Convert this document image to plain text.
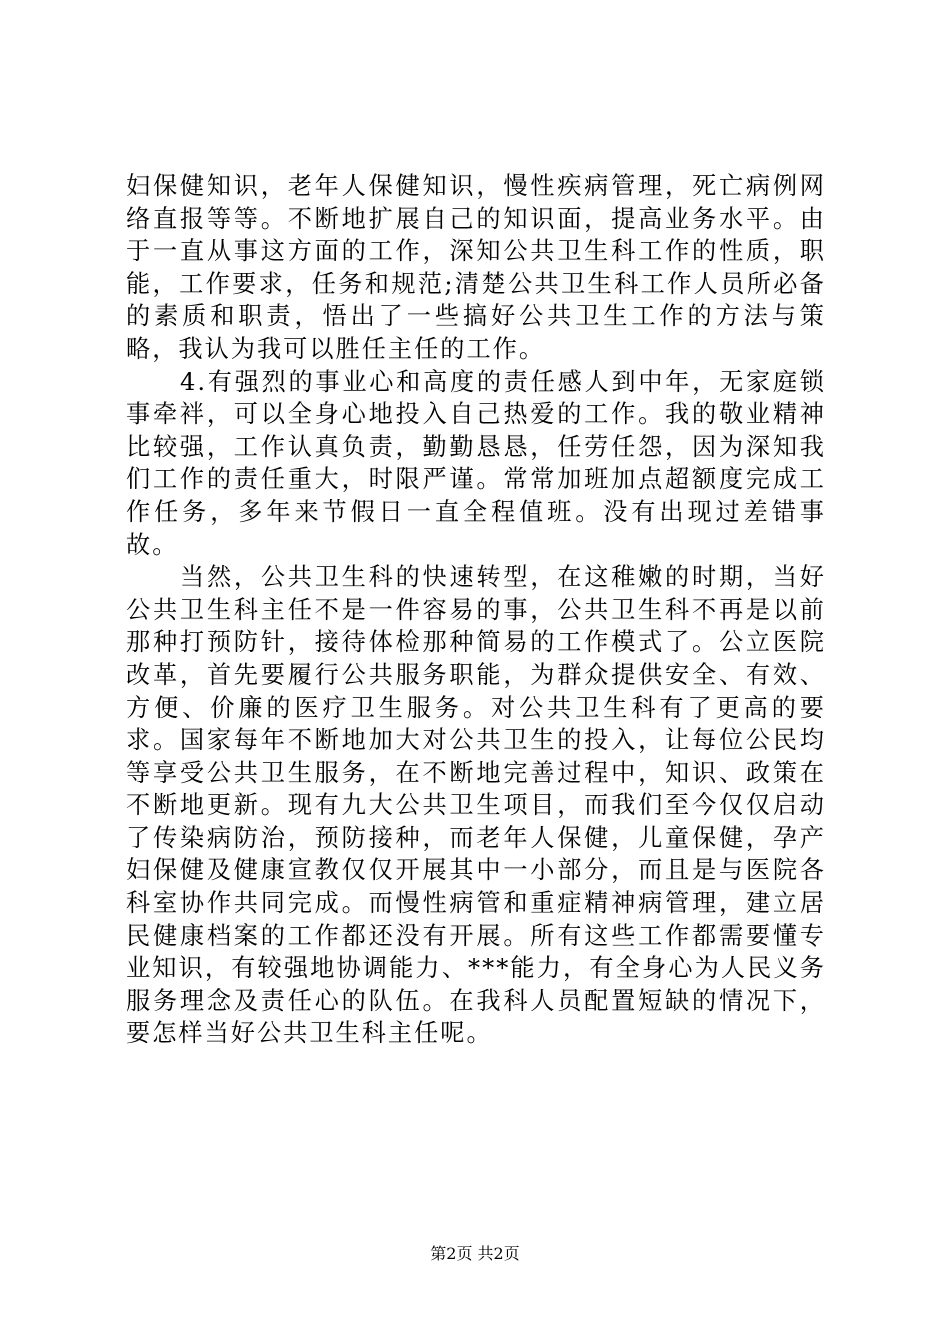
妇保健知识，老年人保健知识，慢性疾病管理，死亡病例网络直报等等。不断地扩展自己的知识面，提高业务水平。由于一直从事这方面的工作，深知公共卫生科工作的性质，职能，工作要求，任务和规范;清楚公共卫生科工作人员所必备的素质和职责，悟出了一些搞好公共卫生工作的方法与策略，我认为我可以胜任主任的工作。

4.有强烈的事业心和高度的责任感人到中年，无家庭锁事牵袢，可以全身心地投入自己热爱的工作。我的敬业精神比较强，工作认真负责，勤勤恳恳，任劳任怨，因为深知我们工作的责任重大，时限严谨。常常加班加点超额度完成工作任务，多年来节假日一直全程值班。没有出现过差错事故。

当然，公共卫生科的快速转型，在这稚嫩的时期，当好公共卫生科主任不是一件容易的事，公共卫生科不再是以前那种打预防针，接待体检那种简易的工作模式了。公立医院改革，首先要履行公共服务职能，为群众提供安全、有效、方便、价廉的医疗卫生服务。对公共卫生科有了更高的要求。国家每年不断地加大对公共卫生的投入，让每位公民均等享受公共卫生服务，在不断地完善过程中，知识、政策在不断地更新。现有九大公共卫生项目，而我们至今仅仅启动了传染病防治，预防接种，而老年人保健，儿童保健，孕产妇保健及健康宣教仅仅开展其中一小部分，而且是与医院各科室协作共同完成。而慢性病管和重症精神病管理，建立居民健康档案的工作都还没有开展。所有这些工作都需要懂专业知识，有较强地协调能力、***能力，有全身心为人民义务服务理念及责任心的队伍。在我科人员配置短缺的情况下，要怎样当好公共卫生科主任呢。

第2页 共2页
